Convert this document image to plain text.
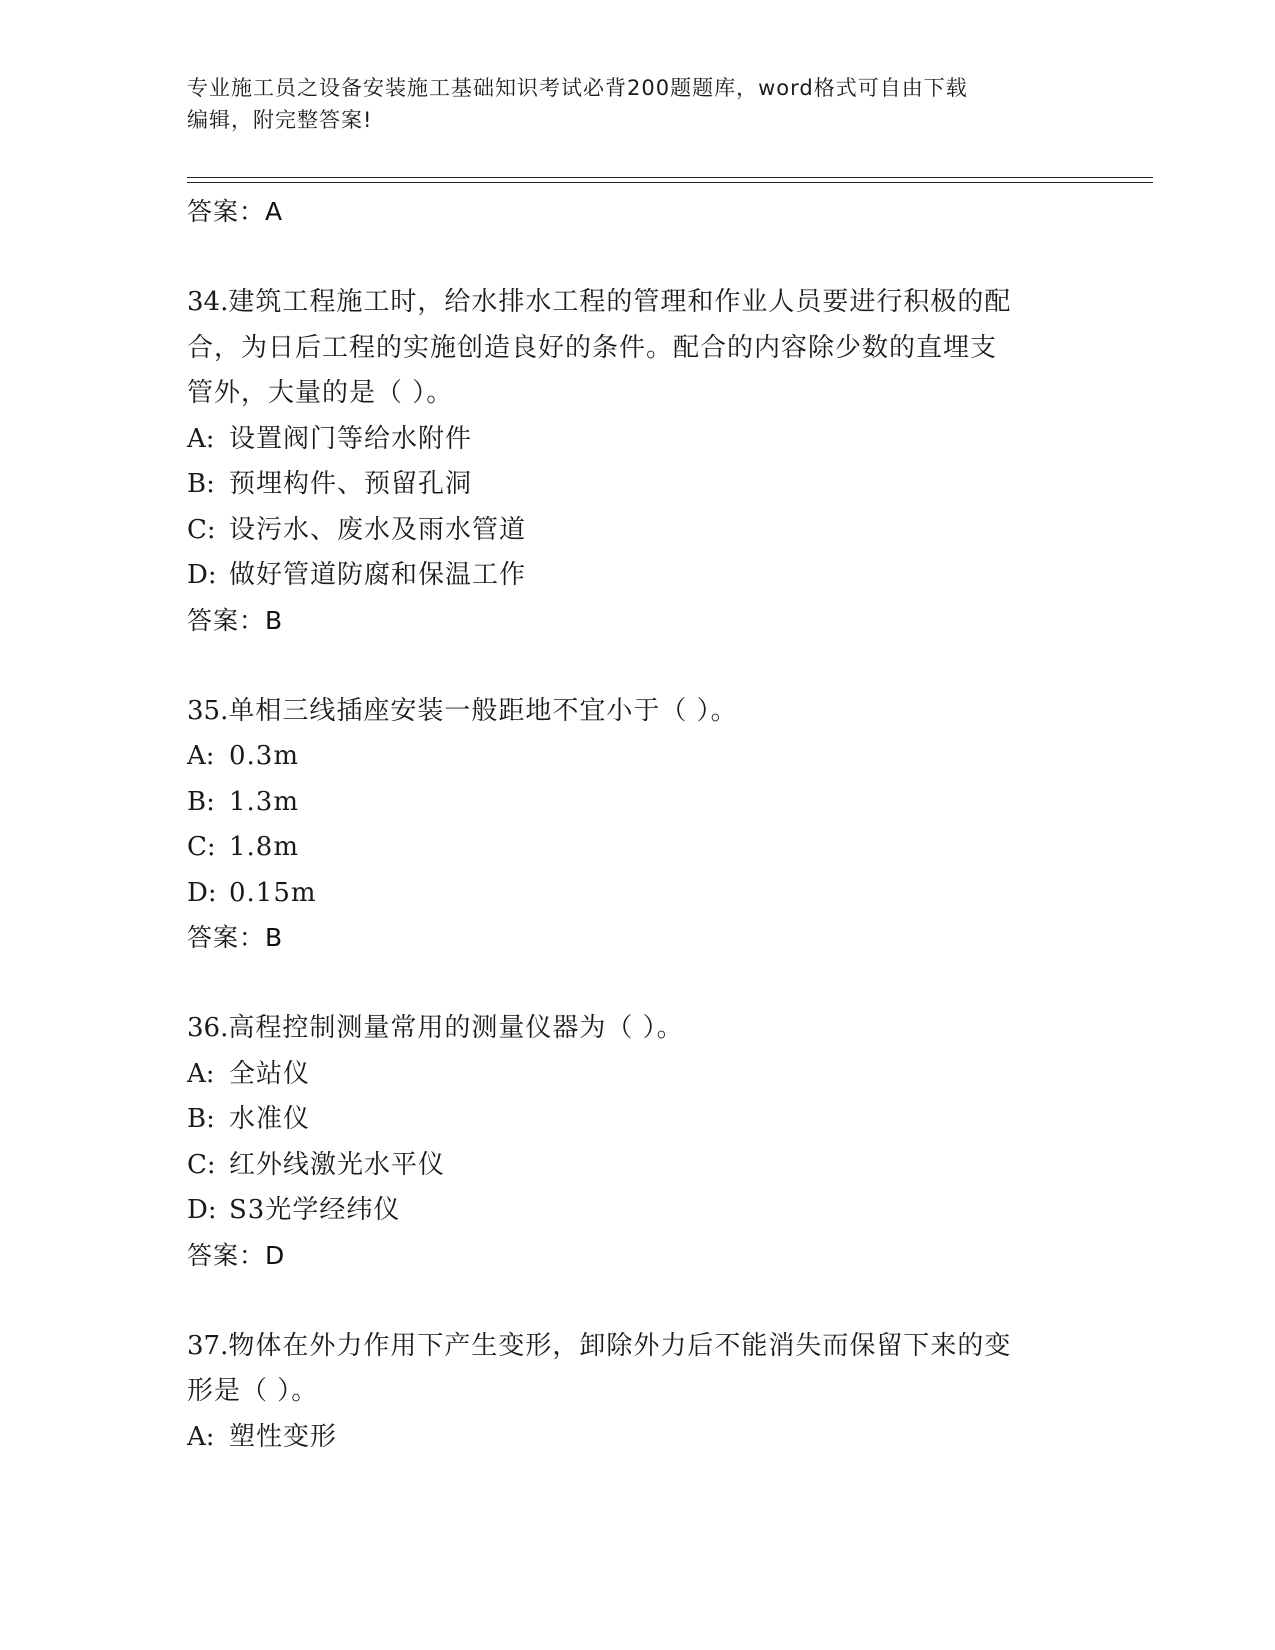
专业施工员之设备安装施工基础知识考试必背200题题库，word格式可自由下载
编辑，附完整答案!
答案：A
34.建筑工程施工时，给水排水工程的管理和作业人员要进行积极的配
合，为日后工程的实施创造良好的条件。配合的内容除少数的直埋支
管外，大量的是（ ）。
A: 设置阀门等给水附件
B: 预埋构件、预留孔洞
C: 设污水、废水及雨水管道
D: 做好管道防腐和保温工作
答案：B
35.单相三线插座安装一般距地不宜小于（ ）。
A: 0.3m
B: 1.3m
C: 1.8m
D: 0.15m
答案：B
36.高程控制测量常用的测量仪器为（ ）。
A: 全站仪
B: 水准仪
C: 红外线激光水平仪
D: S3光学经纬仪
答案：D
37.物体在外力作用下产生变形，卸除外力后不能消失而保留下来的变
形是（ ）。
A: 塑性变形
